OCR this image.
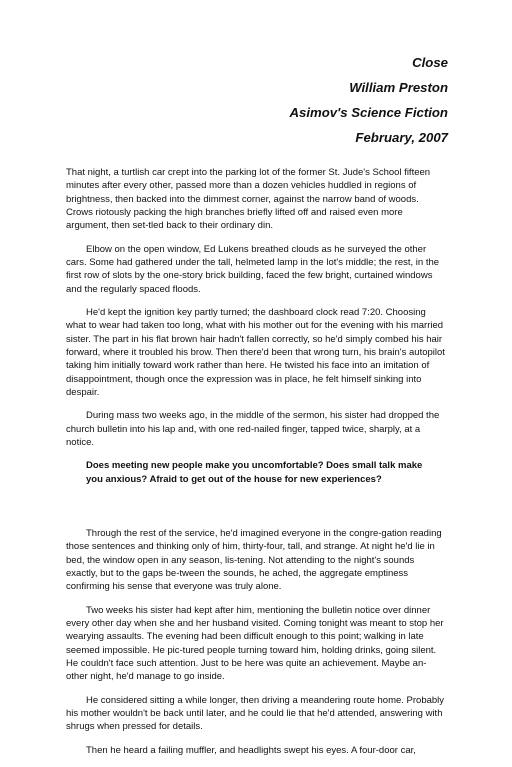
Close
William Preston
Asimov's Science Fiction
February, 2007

That night, a turtlish car crept into the parking lot of the former St. Jude's School fifteen minutes after every other, passed more than a dozen vehicles huddled in regions of brightness, then backed into the dimmest corner, against the narrow band of woods. Crows riotously packing the high branches briefly lifted off and raised even more argument, then set-tled back to their ordinary din.

Elbow on the open window, Ed Lukens breathed clouds as he surveyed the other cars. Some had gathered under the tall, helmeted lamp in the lot's middle; the rest, in the first row of slots by the one-story brick building, faced the few bright, curtained windows and the regularly spaced floods.

He'd kept the ignition key partly turned; the dashboard clock read 7:20. Choosing what to wear had taken too long, what with his mother out for the evening with his married sister. The part in his flat brown hair hadn't fallen correctly, so he'd simply combed his hair forward, where it troubled his brow. Then there'd been that wrong turn, his brain's autopilot taking him initially toward work rather than here. He twisted his face into an imitation of disappointment, though once the expression was in place, he felt himself sinking into despair.

During mass two weeks ago, in the middle of the sermon, his sister had dropped the church bulletin into his lap and, with one red-nailed finger, tapped twice, sharply, at a notice.

Does meeting new people make you uncomfortable? Does small talk make you anxious? Afraid to get out of the house for new experiences?

Through the rest of the service, he'd imagined everyone in the congre-gation reading those sentences and thinking only of him, thirty-four, tall, and strange. At night he'd lie in bed, the window open in any season, lis-tening. Not attending to the night's sounds exactly, but to the gaps be-tween the sounds, he ached, the aggregate emptiness confirming his sense that everyone was truly alone.

Two weeks his sister had kept after him, mentioning the bulletin notice over dinner every other day when she and her husband visited. Coming tonight was meant to stop her wearying assaults. The evening had been difficult enough to this point; walking in late seemed impossible. He pic-tured people turning toward him, holding drinks, going silent. He couldn't face such attention. Just to be here was quite an achievement. Maybe an-other night, he'd manage to go inside.

He considered sitting a while longer, then driving a meandering route home. Probably his mother wouldn't be back until later, and he could lie that he'd attended, answering with shrugs when pressed for details.

Then he heard a failing muffler, and headlights swept his eyes. A four-door car,
